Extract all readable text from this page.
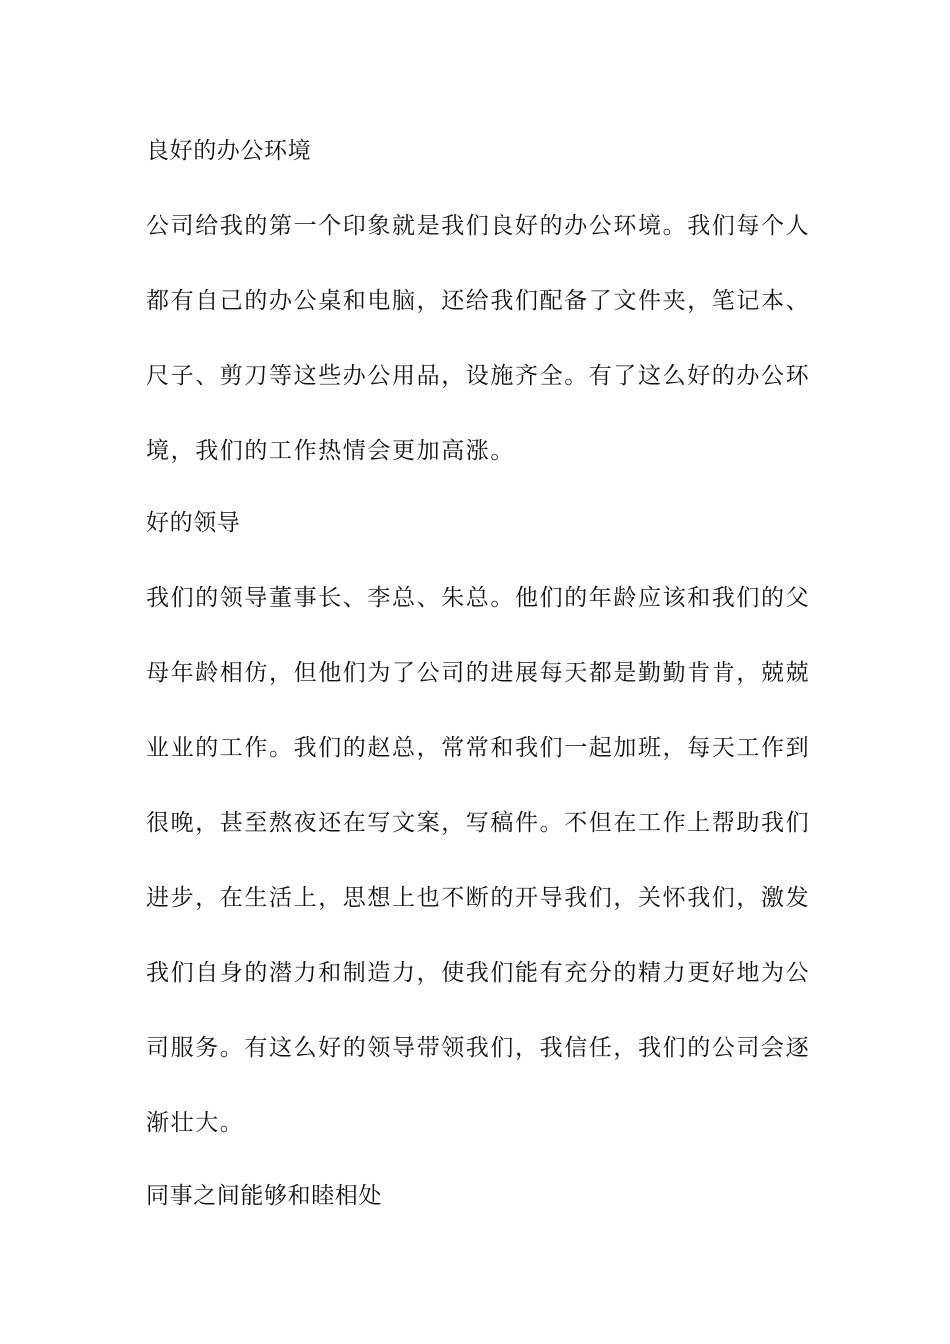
良好的办公环境
公司给我的第一个印象就是我们良好的办公环境。我们每个人
都有自己的办公桌和电脑，还给我们配备了文件夹，笔记本、
尺子、剪刀等这些办公用品，设施齐全。有了这么好的办公环
境，我们的工作热情会更加高涨。
好的领导
我们的领导董事长、李总、朱总。他们的年龄应该和我们的父
母年龄相仿，但他们为了公司的进展每天都是勤勤肯肯，兢兢
业业的工作。我们的赵总，常常和我们一起加班，每天工作到
很晚，甚至熬夜还在写文案，写稿件。不但在工作上帮助我们
进步，在生活上，思想上也不断的开导我们，关怀我们，激发
我们自身的潜力和制造力，使我们能有充分的精力更好地为公
司服务。有这么好的领导带领我们，我信任，我们的公司会逐
渐壮大。
同事之间能够和睦相处
